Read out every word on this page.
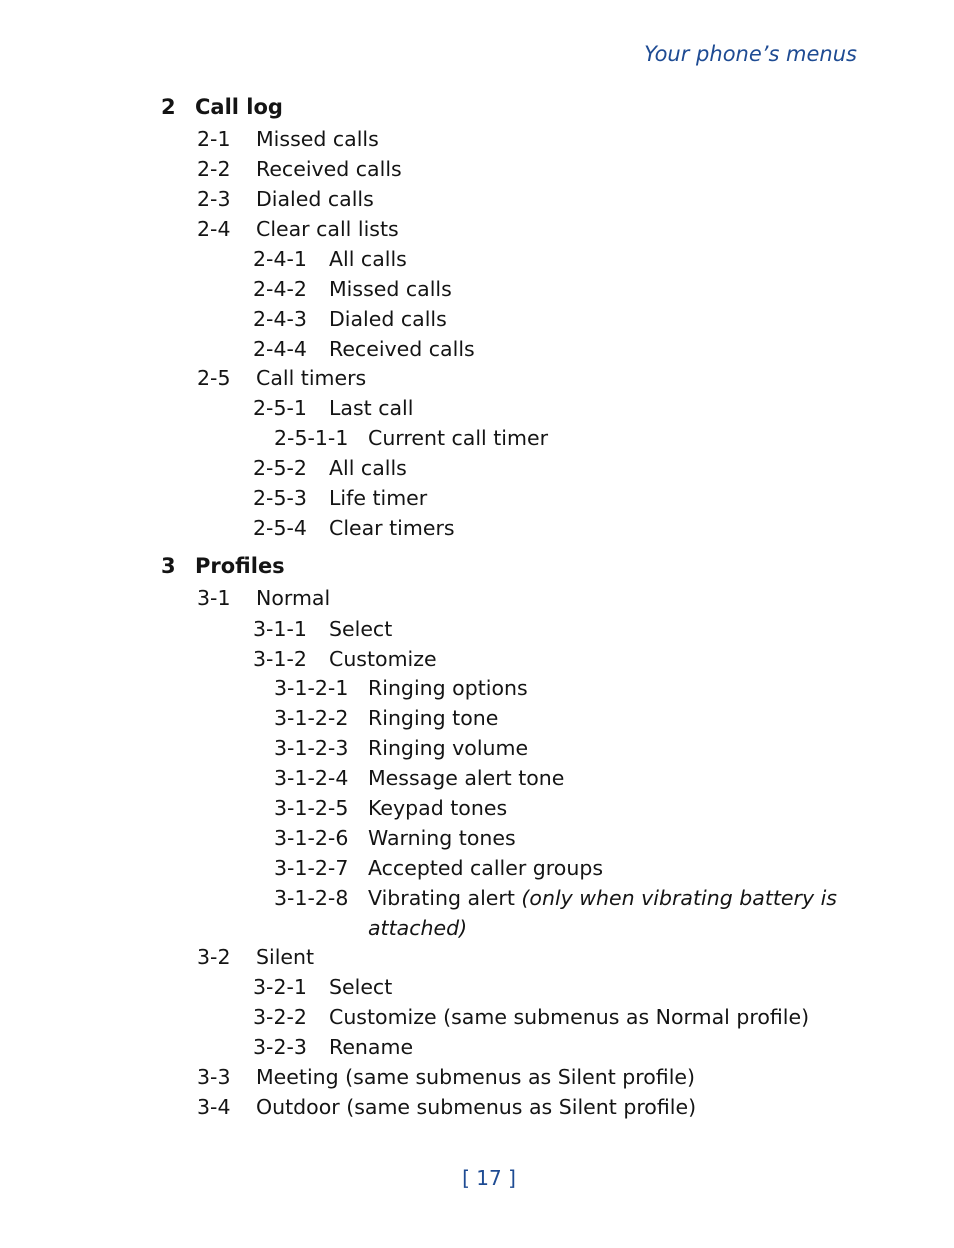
Your phone’s menus
2 Call log
2-1 Missed calls
2-2 Received calls
2-3 Dialed calls
2-4 Clear call lists
2-4-1 All calls
2-4-2 Missed calls
2-4-3 Dialed calls
2-4-4 Received calls
2-5 Call timers
2-5-1 Last call
2-5-1-1 Current call timer
2-5-2 All calls
2-5-3 Life timer
2-5-4 Clear timers
3 Profiles
3-1 Normal
3-1-1 Select
3-1-2 Customize
3-1-2-1 Ringing options
3-1-2-2 Ringing tone
3-1-2-3 Ringing volume
3-1-2-4 Message alert tone
3-1-2-5 Keypad tones
3-1-2-6 Warning tones
3-1-2-7 Accepted caller groups
3-1-2-8 Vibrating alert (only when vibrating battery is
attached)
3-2 Silent
3-2-1 Select
3-2-2 Customize (same submenus as Normal profile)
3-2-3 Rename
3-3 Meeting (same submenus as Silent profile)
3-4 Outdoor (same submenus as Silent profile)
[ 17 ]
